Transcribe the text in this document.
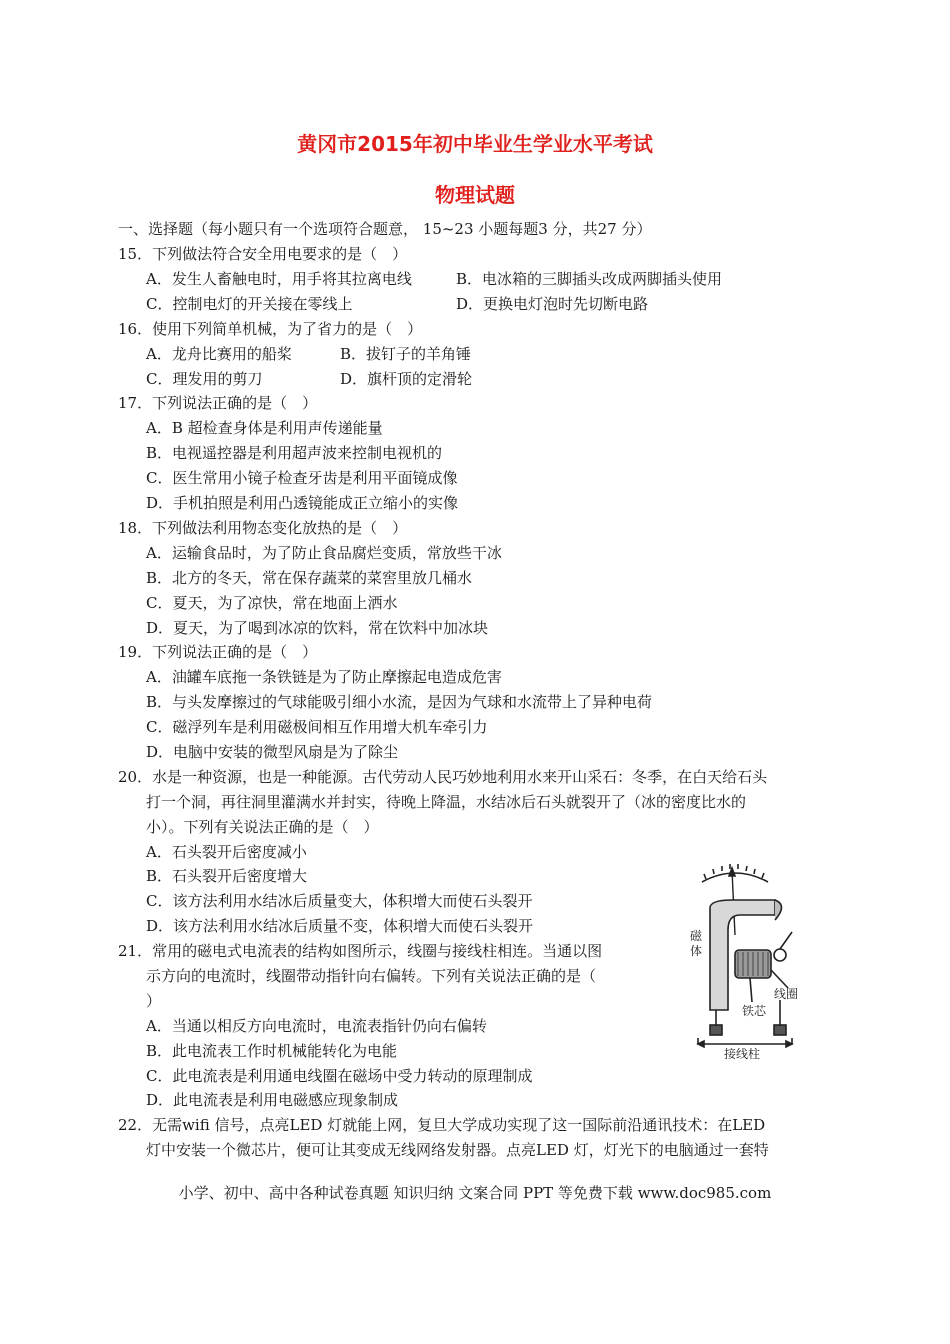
黄冈市2015年初中毕业生学业水平考试
物理试题
一、选择题（每小题只有一个选项符合题意， 15~23 小题每题3 分，共27 分）
15．下列做法符合安全用电要求的是（　）
A．发生人畜触电时，用手将其拉离电线	B．电冰箱的三脚插头改成两脚插头使用
C．控制电灯的开关接在零线上	D．更换电灯泡时先切断电路
16．使用下列简单机械，为了省力的是（　）
A．龙舟比赛用的船桨	B．拔钉子的羊角锤
C．理发用的剪刀	D．旗杆顶的定滑轮
17．下列说法正确的是（　）
A．B 超检查身体是利用声传递能量
B．电视遥控器是利用超声波来控制电视机的
C．医生常用小镜子检查牙齿是利用平面镜成像
D．手机拍照是利用凸透镜能成正立缩小的实像
18．下列做法利用物态变化放热的是（　）
A．运输食品时，为了防止食品腐烂变质，常放些干冰
B．北方的冬天，常在保存蔬菜的菜窖里放几桶水
C．夏天，为了凉快，常在地面上洒水
D．夏天，为了喝到冰凉的饮料，常在饮料中加冰块
19．下列说法正确的是（　）
A．油罐车底拖一条铁链是为了防止摩擦起电造成危害
B．与头发摩擦过的气球能吸引细小水流，是因为气球和水流带上了异种电荷
C．磁浮列车是利用磁极间相互作用增大机车牵引力
D．电脑中安装的微型风扇是为了除尘
20．水是一种资源，也是一种能源。古代劳动人民巧妙地利用水来开山采石：冬季，在白天给石头
打一个洞，再往洞里灌满水并封实，待晚上降温，水结冰后石头就裂开了（冰的密度比水的
小）。下列有关说法正确的是（　）
A．石头裂开后密度减小
B．石头裂开后密度增大
C．该方法利用水结冰后质量变大，体积增大而使石头裂开
D．该方法利用水结冰后质量不变，体积增大而使石头裂开
21．常用的磁电式电流表的结构如图所示，线圈与接线柱相连。当通以图
示方向的电流时，线圈带动指针向右偏转。下列有关说法正确的是（
）
A．当通以相反方向电流时，电流表指针仍向右偏转
B．此电流表工作时机械能转化为电能
C．此电流表是利用通电线圈在磁场中受力转动的原理制成
D．此电流表是利用电磁感应现象制成
22．无需wifi 信号，点亮LED 灯就能上网，复旦大学成功实现了这一国际前沿通讯技术：在LED
灯中安装一个微芯片，便可让其变成无线网络发射器。点亮LED 灯，灯光下的电脑通过一套特
磁
体
线圈
铁芯
接线柱
小学、初中、高中各种试卷真题 知识归纳 文案合同 PPT 等免费下载 www.doc985.com
